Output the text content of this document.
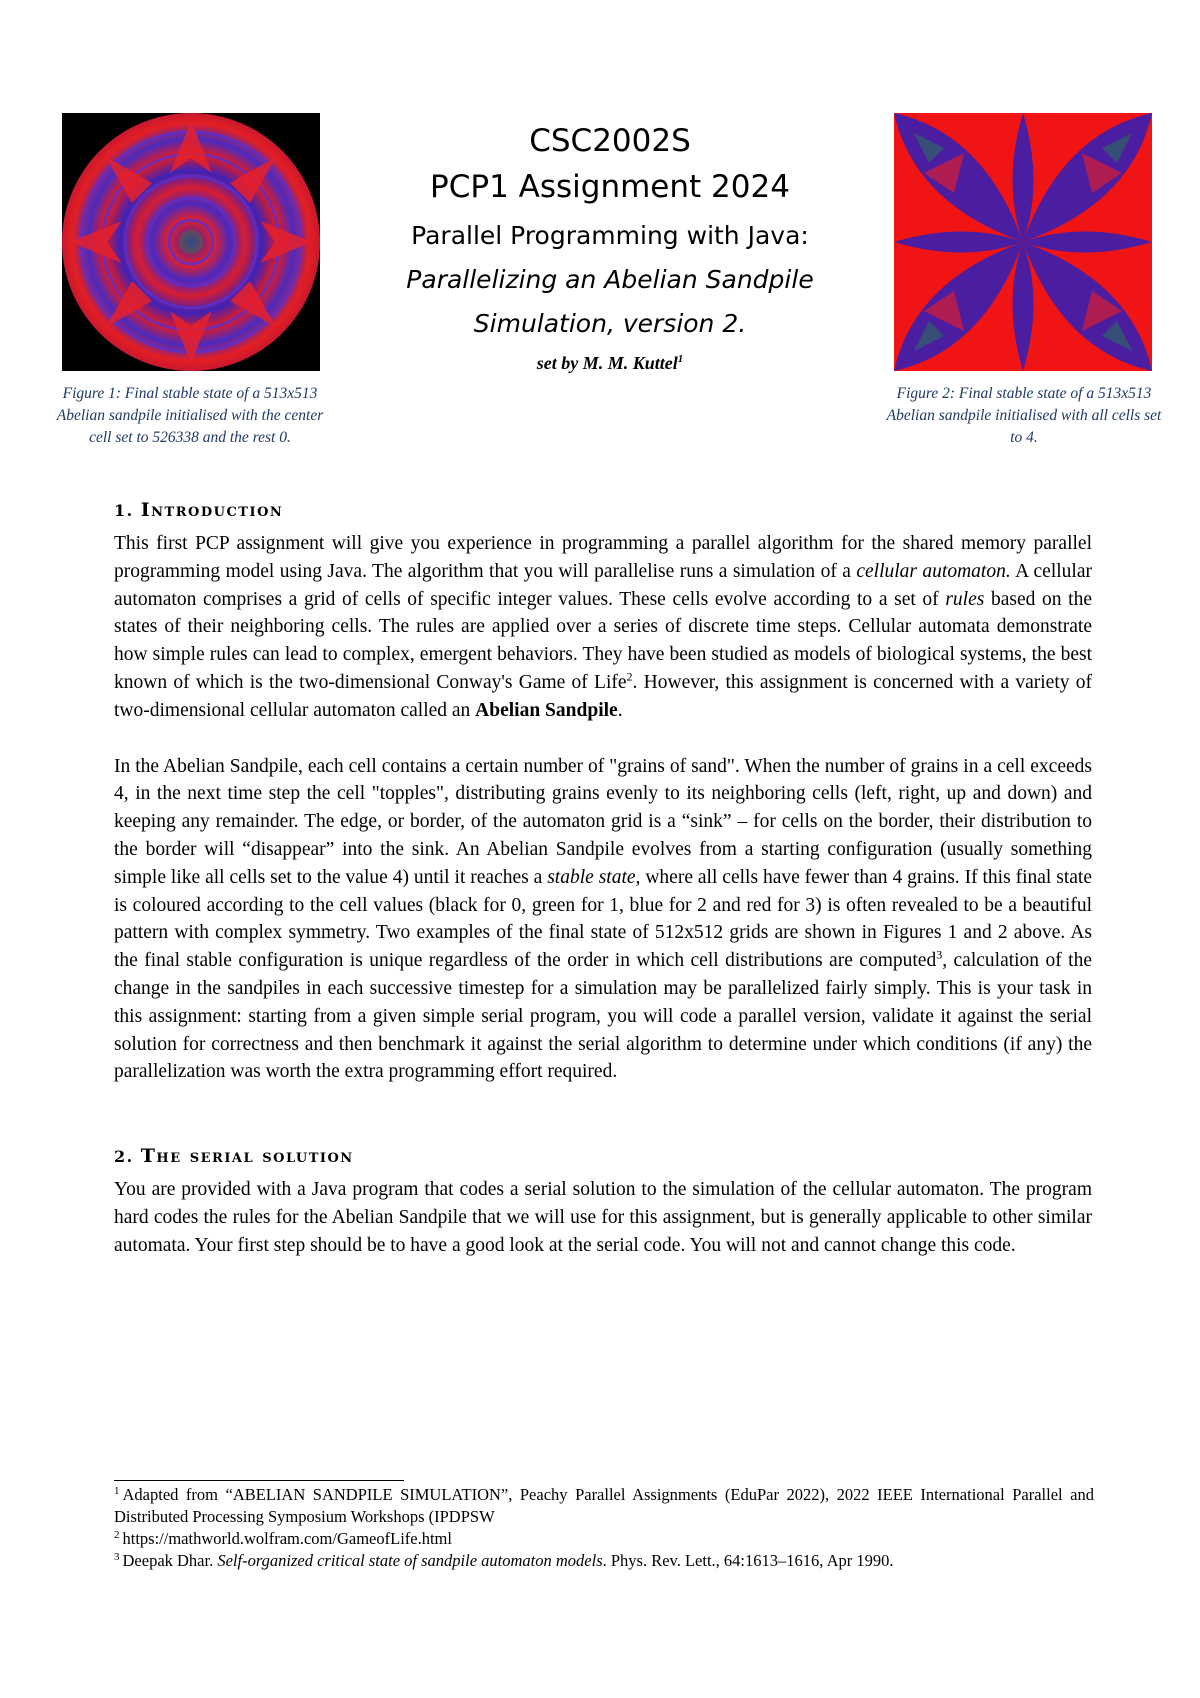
Figure 1: Final stable state of a 513x513 Abelian sandpile initialised with the center cell set to 526338 and the rest 0.
CSC2002S
PCP1 Assignment 2024
Parallel Programming with Java:
Parallelizing an Abelian Sandpile
Simulation, version 2.
set by M. M. Kuttel$^1$
Figure 2: Final stable state of a 513x513 Abelian sandpile initialised with all cells set to 4.
1. Introduction

This first PCP assignment will give you experience in programming a parallel algorithm for the shared memory parallel programming model using Java. The algorithm that you will parallelise runs a simulation of a cellular automaton. A cellular automaton comprises a grid of cells of specific integer values. These cells evolve according to a set of rules based on the states of their neighboring cells. The rules are applied over a series of discrete time steps. Cellular automata demonstrate how simple rules can lead to complex, emergent behaviors. They have been studied as models of biological systems, the best known of which is the two-dimensional Conway's Game of Life$^2$. However, this assignment is concerned with a variety of two-dimensional cellular automaton called an Abelian Sandpile.

In the Abelian Sandpile, each cell contains a certain number of "grains of sand". When the number of grains in a cell exceeds 4, in the next time step the cell "topples", distributing grains evenly to its neighboring cells (left, right, up and down) and keeping any remainder. The edge, or border, of the automaton grid is a “sink” – for cells on the border, their distribution to the border will “disappear” into the sink. An Abelian Sandpile evolves from a starting configuration (usually something simple like all cells set to the value 4) until it reaches a stable state, where all cells have fewer than 4 grains. If this final state is coloured according to the cell values (black for 0, green for 1, blue for 2 and red for 3) is often revealed to be a beautiful pattern with complex symmetry. Two examples of the final state of 512x512 grids are shown in Figures 1 and 2 above. As the final stable configuration is unique regardless of the order in which cell distributions are computed$^3$, calculation of the change in the sandpiles in each successive timestep for a simulation may be parallelized fairly simply. This is your task in this assignment: starting from a given simple serial program, you will code a parallel version, validate it against the serial solution for correctness and then benchmark it against the serial algorithm to determine under which conditions (if any) the parallelization was worth the extra programming effort required.

2. The serial solution

You are provided with a Java program that codes a serial solution to the simulation of the cellular automaton. The program hard codes the rules for the Abelian Sandpile that we will use for this assignment, but is generally applicable to other similar automata. Your first step should be to have a good look at the serial code. You will not and cannot change this code.

$^1$ Adapted from “ABELIAN SANDPILE SIMULATION”, Peachy Parallel Assignments (EduPar 2022), 2022 IEEE International Parallel and Distributed Processing Symposium Workshops (IPDPSW

$^2$ https://mathworld.wolfram.com/GameofLife.html

$^3$ Deepak Dhar. Self-organized critical state of sandpile automaton models. Phys. Rev. Lett., 64:1613–1616, Apr 1990.
